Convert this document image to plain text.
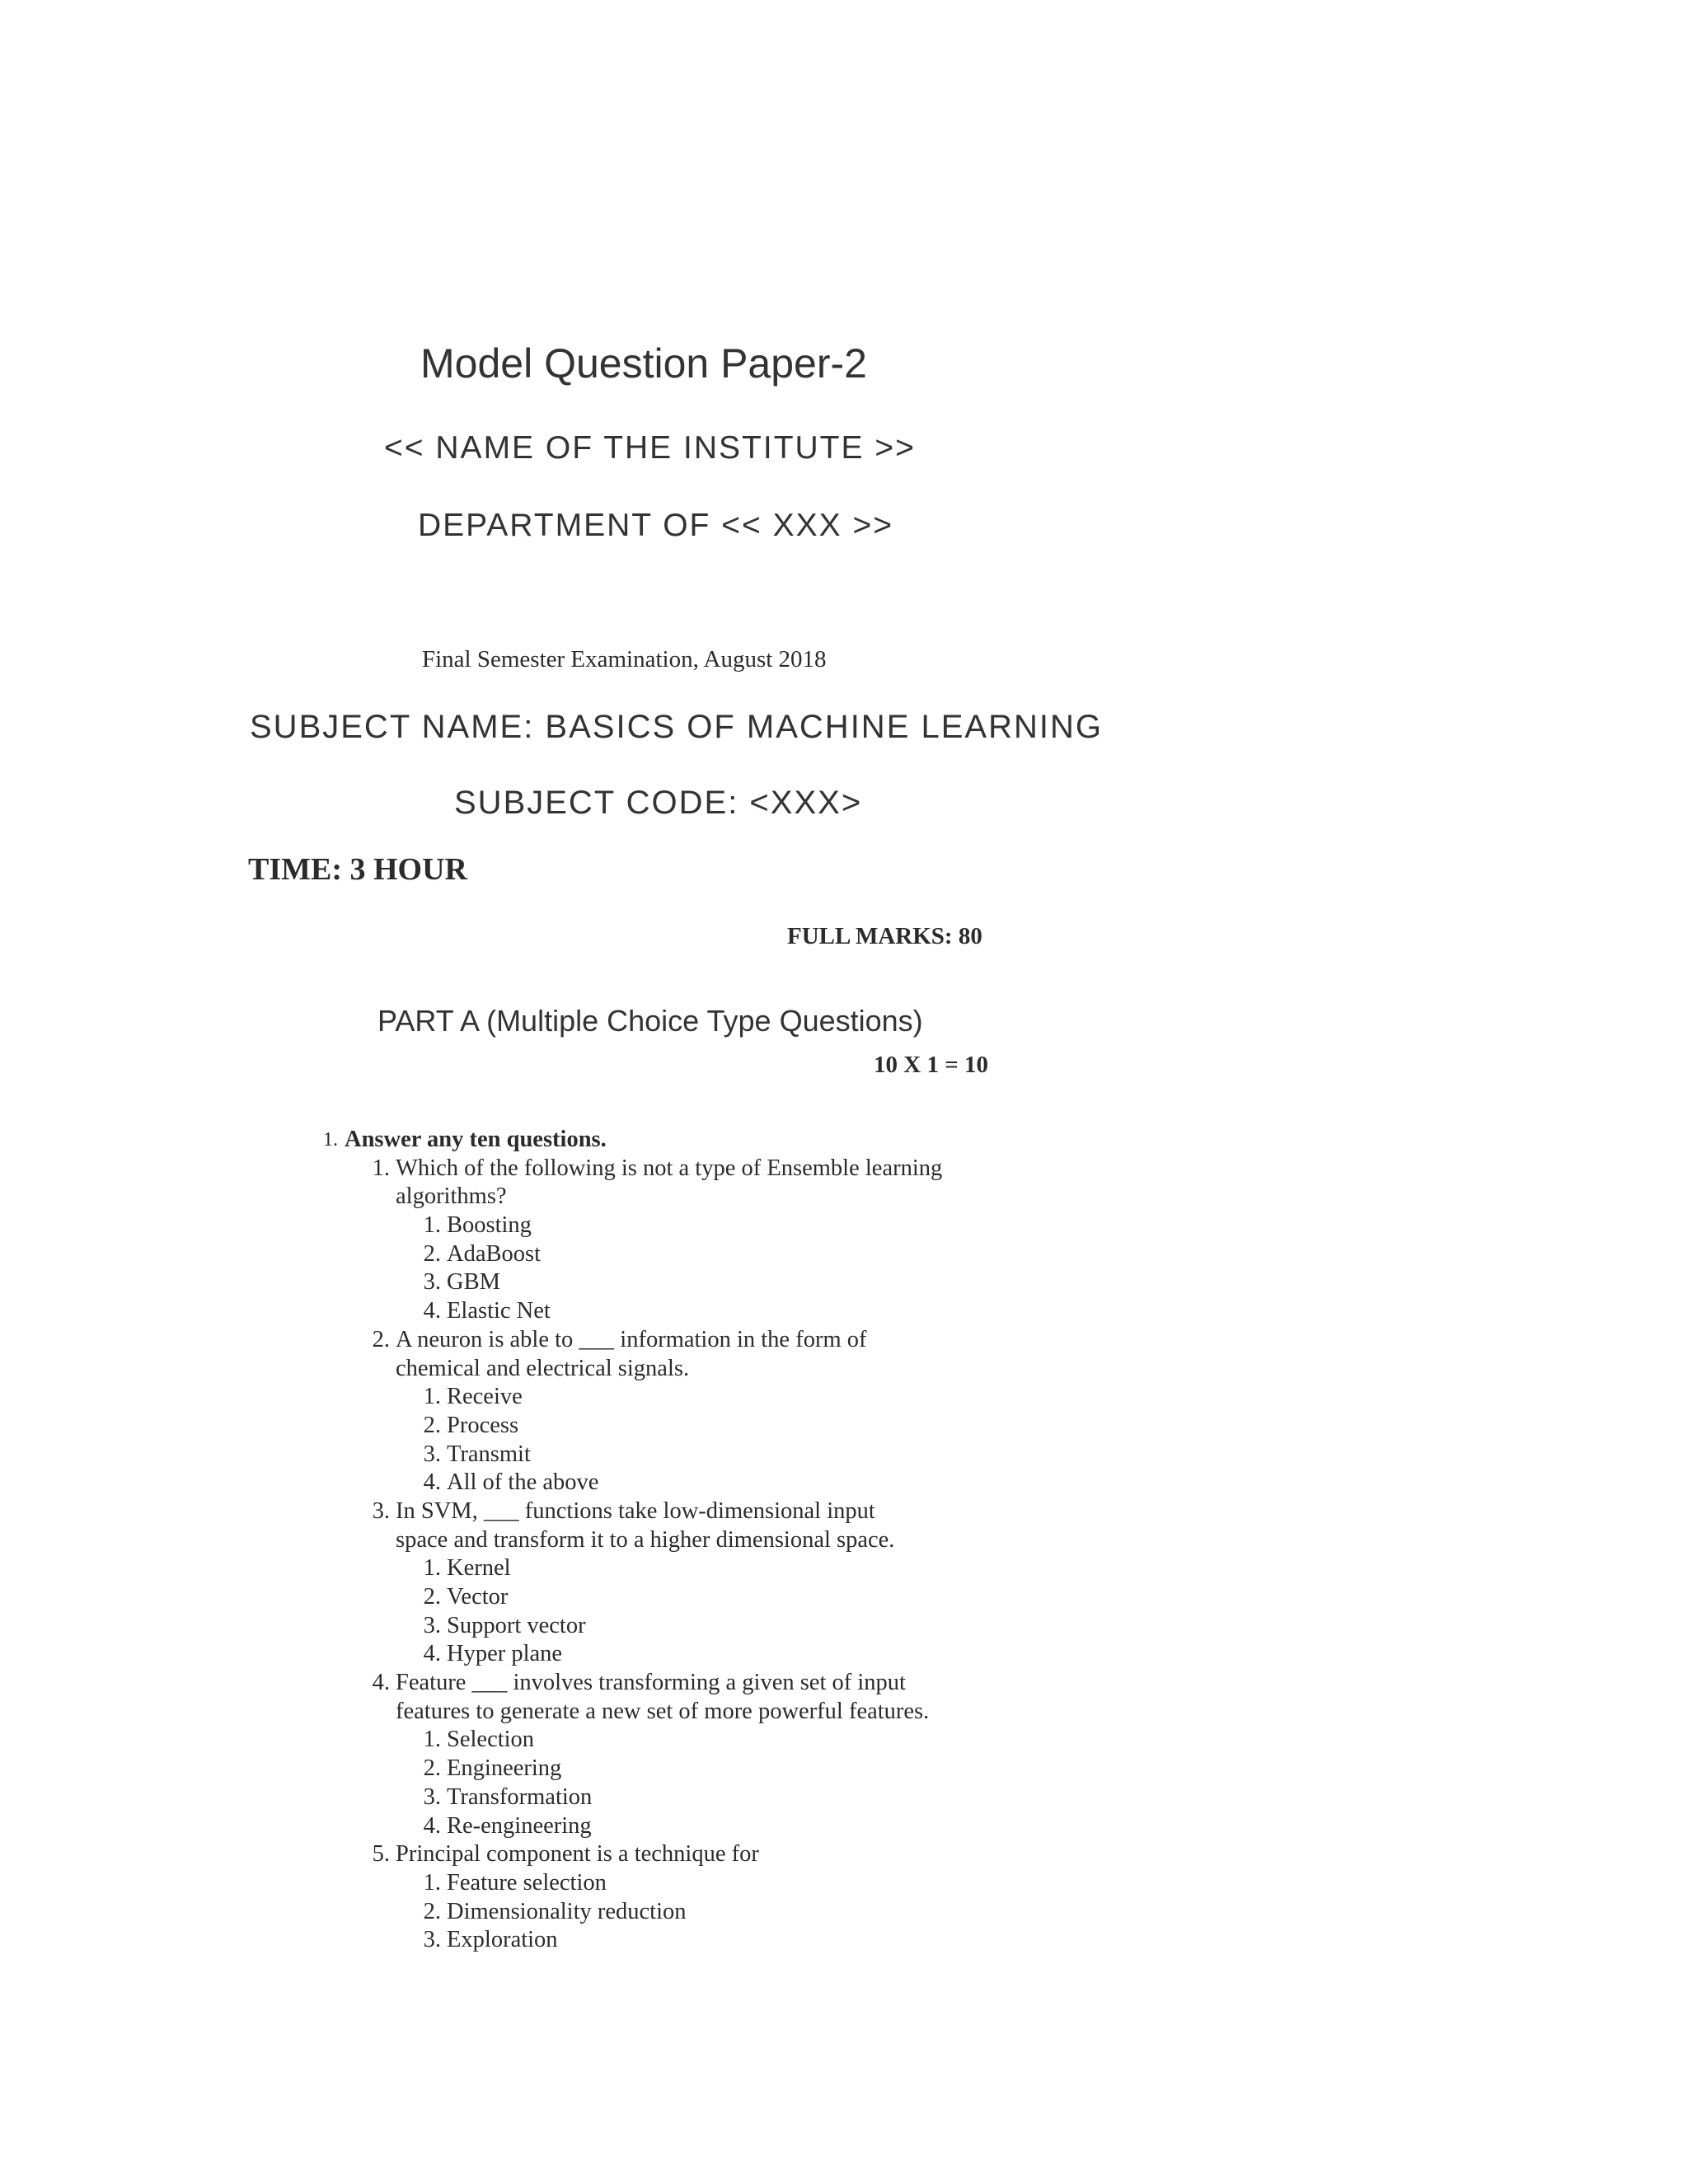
Model Question Paper-2
<< NAME OF THE INSTITUTE >>
DEPARTMENT OF << XXX >>
Final Semester Examination, August 2018
SUBJECT NAME: BASICS OF MACHINE LEARNING
SUBJECT CODE: <XXX>
TIME: 3 HOUR
FULL MARKS: 80
PART A (Multiple Choice Type Questions)
10 X 1 = 10
1. Answer any ten questions.
1. Which of the following is not a type of Ensemble learning
algorithms?
1. Boosting
2. AdaBoost
3. GBM
4. Elastic Net
2. A neuron is able to ___ information in the form of
chemical and electrical signals.
1. Receive
2. Process
3. Transmit
4. All of the above
3. In SVM, ___ functions take low-dimensional input
space and transform it to a higher dimensional space.
1. Kernel
2. Vector
3. Support vector
4. Hyper plane
4. Feature ___ involves transforming a given set of input
features to generate a new set of more powerful features.
1. Selection
2. Engineering
3. Transformation
4. Re-engineering
5. Principal component is a technique for
1. Feature selection
2. Dimensionality reduction
3. Exploration
